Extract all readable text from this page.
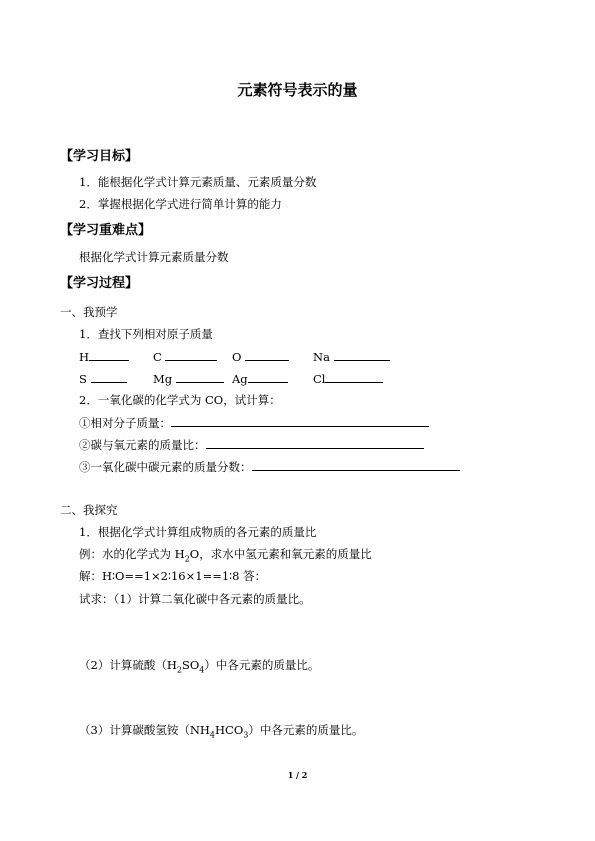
元素符号表示的量
【学习目标】
1．能根据化学式计算元素质量、元素质量分数
2．掌握根据化学式进行简单计算的能力
【学习重难点】
根据化学式计算元素质量分数
【学习过程】
一、我预学
1．查找下列相对原子质量
H	C	O	Na
S	Mg	Ag	Cl
2．一氧化碳的化学式为 CO，试计算：
①相对分子质量：
②碳与氧元素的质量比：
③一氧化碳中碳元素的质量分数：
二、我探究
1．根据化学式计算组成物质的各元素的质量比
例：水的化学式为 $H_2O$，求水中氢元素和氧元素的质量比
解：H∶O==1×2∶16×1==1∶8 答：
试求：（1）计算二氧化碳中各元素的质量比。
（2）计算硫酸$(H_2SO_4)$中各元素的质量比。
（3）计算碳酸氢铵$(NH_4HCO_3)$中各元素的质量比。
1 / 2
